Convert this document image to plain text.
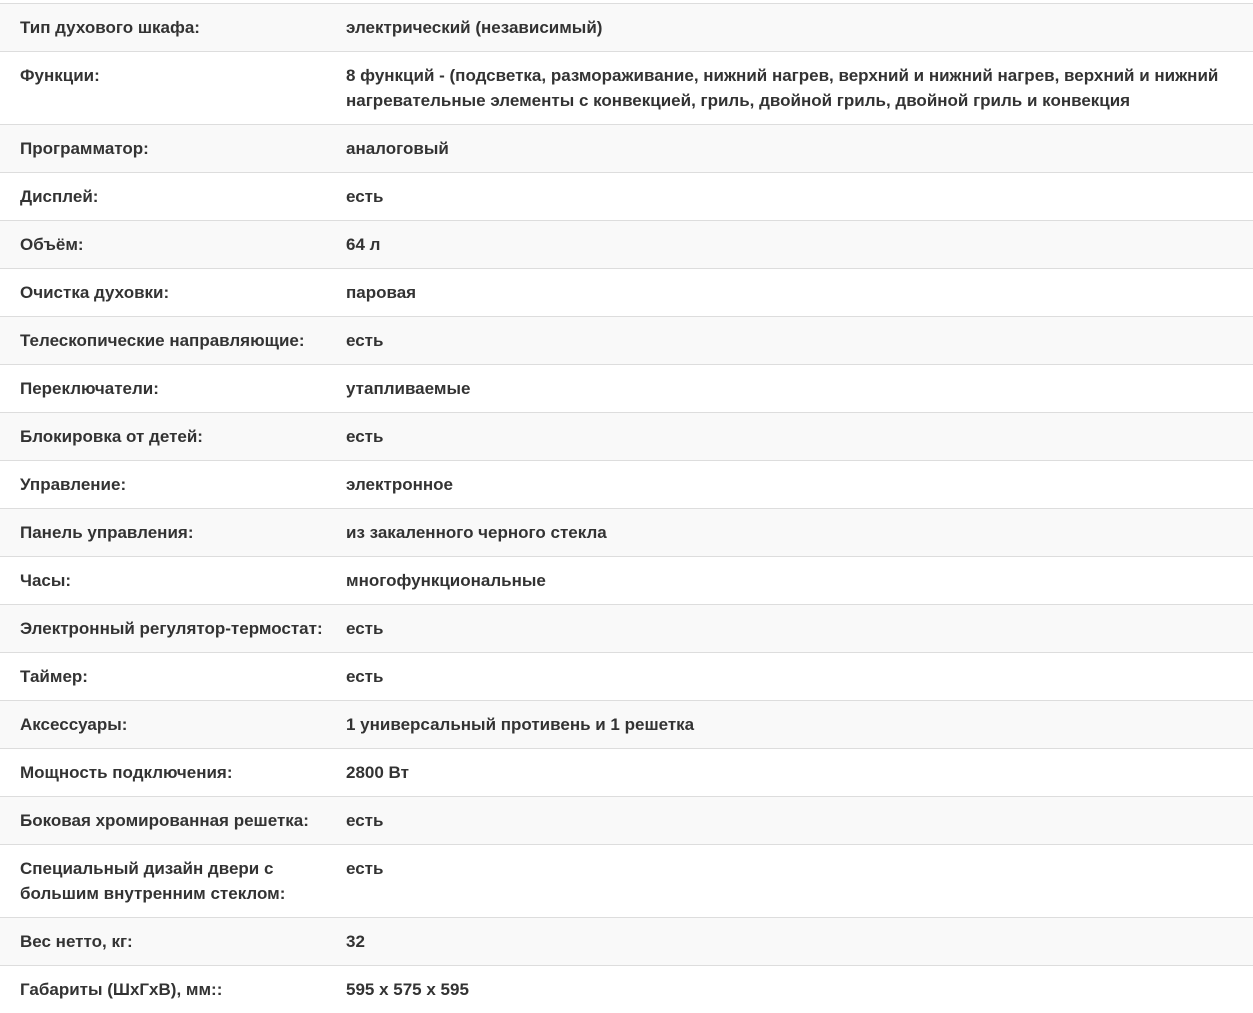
Тип духового шкафа:	электрический (независимый)
Функции:	8 функций - (подсветка, размораживание, нижний нагрев, верхний и нижний нагрев, верхний и нижний нагревательные элементы с конвекцией, гриль, двойной гриль, двойной гриль и конвекция
Программатор:	аналоговый
Дисплей:	есть
Объём:	64 л
Очистка духовки:	паровая
Телескопические направляющие:	есть
Переключатели:	утапливаемые
Блокировка от детей:	есть
Управление:	электронное
Панель управления:	из закаленного черного стекла
Часы:	многофункциональные
Электронный регулятор-термостат:	есть
Таймер:	есть
Аксессуары:	1 универсальный противень и 1 решетка
Мощность подключения:	2800 Вт
Боковая хромированная решетка:	есть
Специальный дизайн двери с большим внутренним стеклом:	есть
Вес нетто, кг:	32
Габариты (ШхГхВ), мм::	595 x 575 x 595
